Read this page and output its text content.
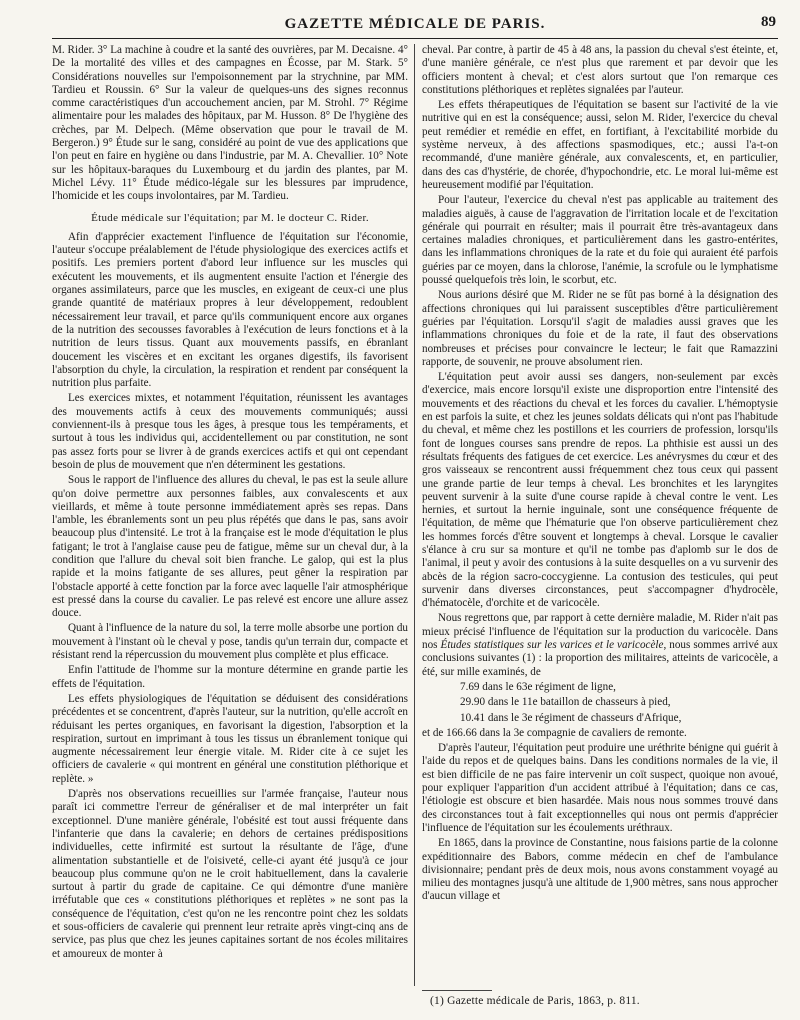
GAZETTE MÉDICALE DE PARIS.	89

M. Rider. 3° La machine à coudre et la santé des ouvrières, par M. Decaisne. 4° De la mortalité des villes et des campagnes en Écosse, par M. Stark. 5° Considérations nouvelles sur l'empoisonnement par la strychnine, par MM. Tardieu et Roussin. 6° Sur la valeur de quelques-uns des signes reconnus comme caractéristiques d'un accouchement ancien, par M. Strohl. 7° Régime alimentaire pour les malades des hôpitaux, par M. Husson. 8° De l'hygiène des crèches, par M. Delpech. (Même observation que pour le travail de M. Bergeron.) 9° Étude sur le sang, considéré au point de vue des applications que l'on peut en faire en hygiène ou dans l'industrie, par M. A. Chevallier. 10° Note sur les hôpitaux-baraques du Luxembourg et du jardin des plantes, par M. Michel Lévy. 11° Étude médico-légale sur les blessures par imprudence, l'homicide et les coups involontaires, par M. Tardieu.

Étude médicale sur l'équitation; par M. le docteur C. Rider.

Afin d'apprécier exactement l'influence de l'équitation sur l'économie, l'auteur s'occupe préalablement de l'étude physiologique des exercices actifs et positifs. Les premiers portent d'abord leur influence sur les muscles qui exécutent les mouvements, et ils augmentent ensuite l'action et l'énergie des organes assimilateurs, parce que les muscles, en exigeant de ceux-ci une plus grande quantité de matériaux propres à leur développement, redoublent nécessairement leur travail, et parce qu'ils communiquent encore aux organes de la nutrition des secousses favorables à l'exécution de leurs fonctions et à la nutrition de leurs tissus. Quant aux mouvements passifs, en ébranlant doucement les viscères et en excitant les organes digestifs, ils favorisent l'absorption du chyle, la circulation, la respiration et rendent par conséquent la nutrition plus parfaite.

Les exercices mixtes, et notamment l'équitation, réunissent les avantages des mouvements actifs à ceux des mouvements communiqués; aussi conviennent-ils à presque tous les âges, à presque tous les tempéraments, et surtout à tous les individus qui, accidentellement ou par constitution, ne sont pas assez forts pour se livrer à de grands exercices actifs et qui ont cependant besoin de plus de mouvement que n'en déterminent les gestations.

Sous le rapport de l'influence des allures du cheval, le pas est la seule allure qu'on doive permettre aux personnes faibles, aux convalescents et aux vieillards, et même à toute personne immédiatement après ses repas. Dans l'amble, les ébranlements sont un peu plus répétés que dans le pas, sans avoir beaucoup plus d'intensité. Le trot à la française est le mode d'équitation le plus fatigant; le trot à l'anglaise cause peu de fatigue, même sur un cheval dur, à la condition que l'allure du cheval soit bien franche. Le galop, qui est la plus rapide et la moins fatigante de ses allures, peut gêner la respiration par l'obstacle apporté à cette fonction par la force avec laquelle l'air atmosphérique est pressé dans la course du cavalier. Le pas relevé est encore une allure assez douce.

Quant à l'influence de la nature du sol, la terre molle absorbe une portion du mouvement à l'instant où le cheval y pose, tandis qu'un terrain dur, compacte et résistant rend la répercussion du mouvement plus complète et plus efficace.

Enfin l'attitude de l'homme sur la monture détermine en grande partie les effets de l'équitation.

Les effets physiologiques de l'équitation se déduisent des considérations précédentes et se concentrent, d'après l'auteur, sur la nutrition, qu'elle accroît en réduisant les pertes organiques, en favorisant la digestion, l'absorption et la respiration, surtout en imprimant à tous les tissus un ébranlement tonique qui augmente nécessairement leur énergie vitale. M. Rider cite à ce sujet les officiers de cavalerie « qui montrent en général une constitution pléthorique et replète. »

D'après nos observations recueillies sur l'armée française, l'auteur nous paraît ici commettre l'erreur de généraliser et de mal interpréter un fait exceptionnel. D'une manière générale, l'obésité est tout aussi fréquente dans l'infanterie que dans la cavalerie; en dehors de certaines prédispositions individuelles, cette infirmité est surtout la résultante de l'âge, d'une alimentation substantielle et de l'oisiveté, celle-ci ayant été jusqu'à ce jour beaucoup plus commune qu'on ne le croit habituellement, dans la cavalerie surtout à partir du grade de capitaine. Ce qui démontre d'une manière irréfutable que ces « constitutions pléthoriques et replètes » ne sont pas la conséquence de l'équitation, c'est qu'on ne les rencontre point chez les soldats et sous-officiers de cavalerie qui prennent leur retraite après vingt-cinq ans de service, pas plus que chez les jeunes capitaines sortant de nos écoles militaires et amoureux de monter à

cheval. Par contre, à partir de 45 à 48 ans, la passion du cheval s'est éteinte, et, d'une manière générale, ce n'est plus que rarement et par devoir que les officiers montent à cheval; et c'est alors surtout que l'on remarque ces constitutions pléthoriques et replètes signalées par l'auteur.

Les effets thérapeutiques de l'équitation se basent sur l'activité de la vie nutritive qui en est la conséquence; aussi, selon M. Rider, l'exercice du cheval peut remédier et remédie en effet, en fortifiant, à l'excitabilité morbide du système nerveux, à des affections spasmodiques, etc.; aussi l'a-t-on recommandé, d'une manière générale, aux convalescents, et, en particulier, dans des cas d'hystérie, de chorée, d'hypochondrie, etc. Le moral lui-même est heureusement modifié par l'équitation.

Pour l'auteur, l'exercice du cheval n'est pas applicable au traitement des maladies aiguës, à cause de l'aggravation de l'irritation locale et de l'excitation générale qui pourrait en résulter; mais il pourrait être très-avantageux dans certaines maladies chroniques, et particulièrement dans les gastro-entérites, dans les inflammations chroniques de la rate et du foie qui auraient été parfois guéries par ce moyen, dans la chlorose, l'anémie, la scrofule ou le lymphatisme poussé quelquefois très loin, le scorbut, etc.

Nous aurions désiré que M. Rider ne se fût pas borné à la désignation des affections chroniques qui lui paraissent susceptibles d'être particulièrement guéries par l'équitation. Lorsqu'il s'agit de maladies aussi graves que les inflammations chroniques du foie et de la rate, il faut des observations nombreuses et précises pour convaincre le lecteur; le fait que Ramazzini rapporte, de souvenir, ne prouve absolument rien.

L'équitation peut avoir aussi ses dangers, non-seulement par excès d'exercice, mais encore lorsqu'il existe une disproportion entre l'intensité des mouvements et des réactions du cheval et les forces du cavalier. L'hémoptysie en est parfois la suite, et chez les jeunes soldats délicats qui n'ont pas l'habitude du cheval, et même chez les postillons et les courriers de profession, lorsqu'ils font de longues courses sans prendre de repos. La phthisie est aussi un des résultats fréquents des fatigues de cet exercice. Les anévrysmes du cœur et des gros vaisseaux se rencontrent aussi fréquemment chez tous ceux qui passent une grande partie de leur temps à cheval. Les bronchites et les laryngites peuvent survenir à la suite d'une course rapide à cheval contre le vent. Les hernies, et surtout la hernie inguinale, sont une conséquence fréquente de l'équitation, de même que l'hématurie que l'on observe particulièrement chez les hommes forcés d'être souvent et longtemps à cheval. Lorsque le cavalier s'élance à cru sur sa monture et qu'il ne tombe pas d'aplomb sur le dos de l'animal, il peut y avoir des contusions à la suite desquelles on a vu survenir des abcès de la région sacro-coccygienne. La contusion des testicules, qui peut survenir dans diverses circonstances, peut s'accompagner d'hydrocèle, d'hématocèle, d'orchite et de varicocèle.

Nous regrettons que, par rapport à cette dernière maladie, M. Rider n'ait pas mieux précisé l'influence de l'équitation sur la production du varicocèle. Dans nos Études statistiques sur les varices et le varicocèle, nous sommes arrivé aux conclusions suivantes (1) : la proportion des militaires, atteints de varicocèle, a été, sur mille examinés, de

7.69 dans le 63e régiment de ligne,

29.90 dans le 11e bataillon de chasseurs à pied,

10.41 dans le 3e régiment de chasseurs d'Afrique,

et de 166.66 dans la 3e compagnie de cavaliers de remonte.

D'après l'auteur, l'équitation peut produire une uréthrite bénigne qui guérit à l'aide du repos et de quelques bains. Dans les conditions normales de la vie, il est bien difficile de ne pas faire intervenir un coït suspect, quoique non avoué, pour expliquer l'apparition d'un accident attribué à l'équitation; dans ce cas, l'étiologie est obscure et bien hasardée. Mais nous nous sommes trouvé dans des circonstances tout à fait exceptionnelles qui nous ont permis d'apprécier l'influence de l'équitation sur les écoulements uréthraux.

En 1865, dans la province de Constantine, nous faisions partie de la colonne expéditionnaire des Babors, comme médecin en chef de l'ambulance divisionnaire; pendant près de deux mois, nous avons constamment voyagé au milieu des montagnes jusqu'à une altitude de 1,900 mètres, sans nous approcher d'aucun village et

(1) Gazette médicale de Paris, 1863, p. 811.
